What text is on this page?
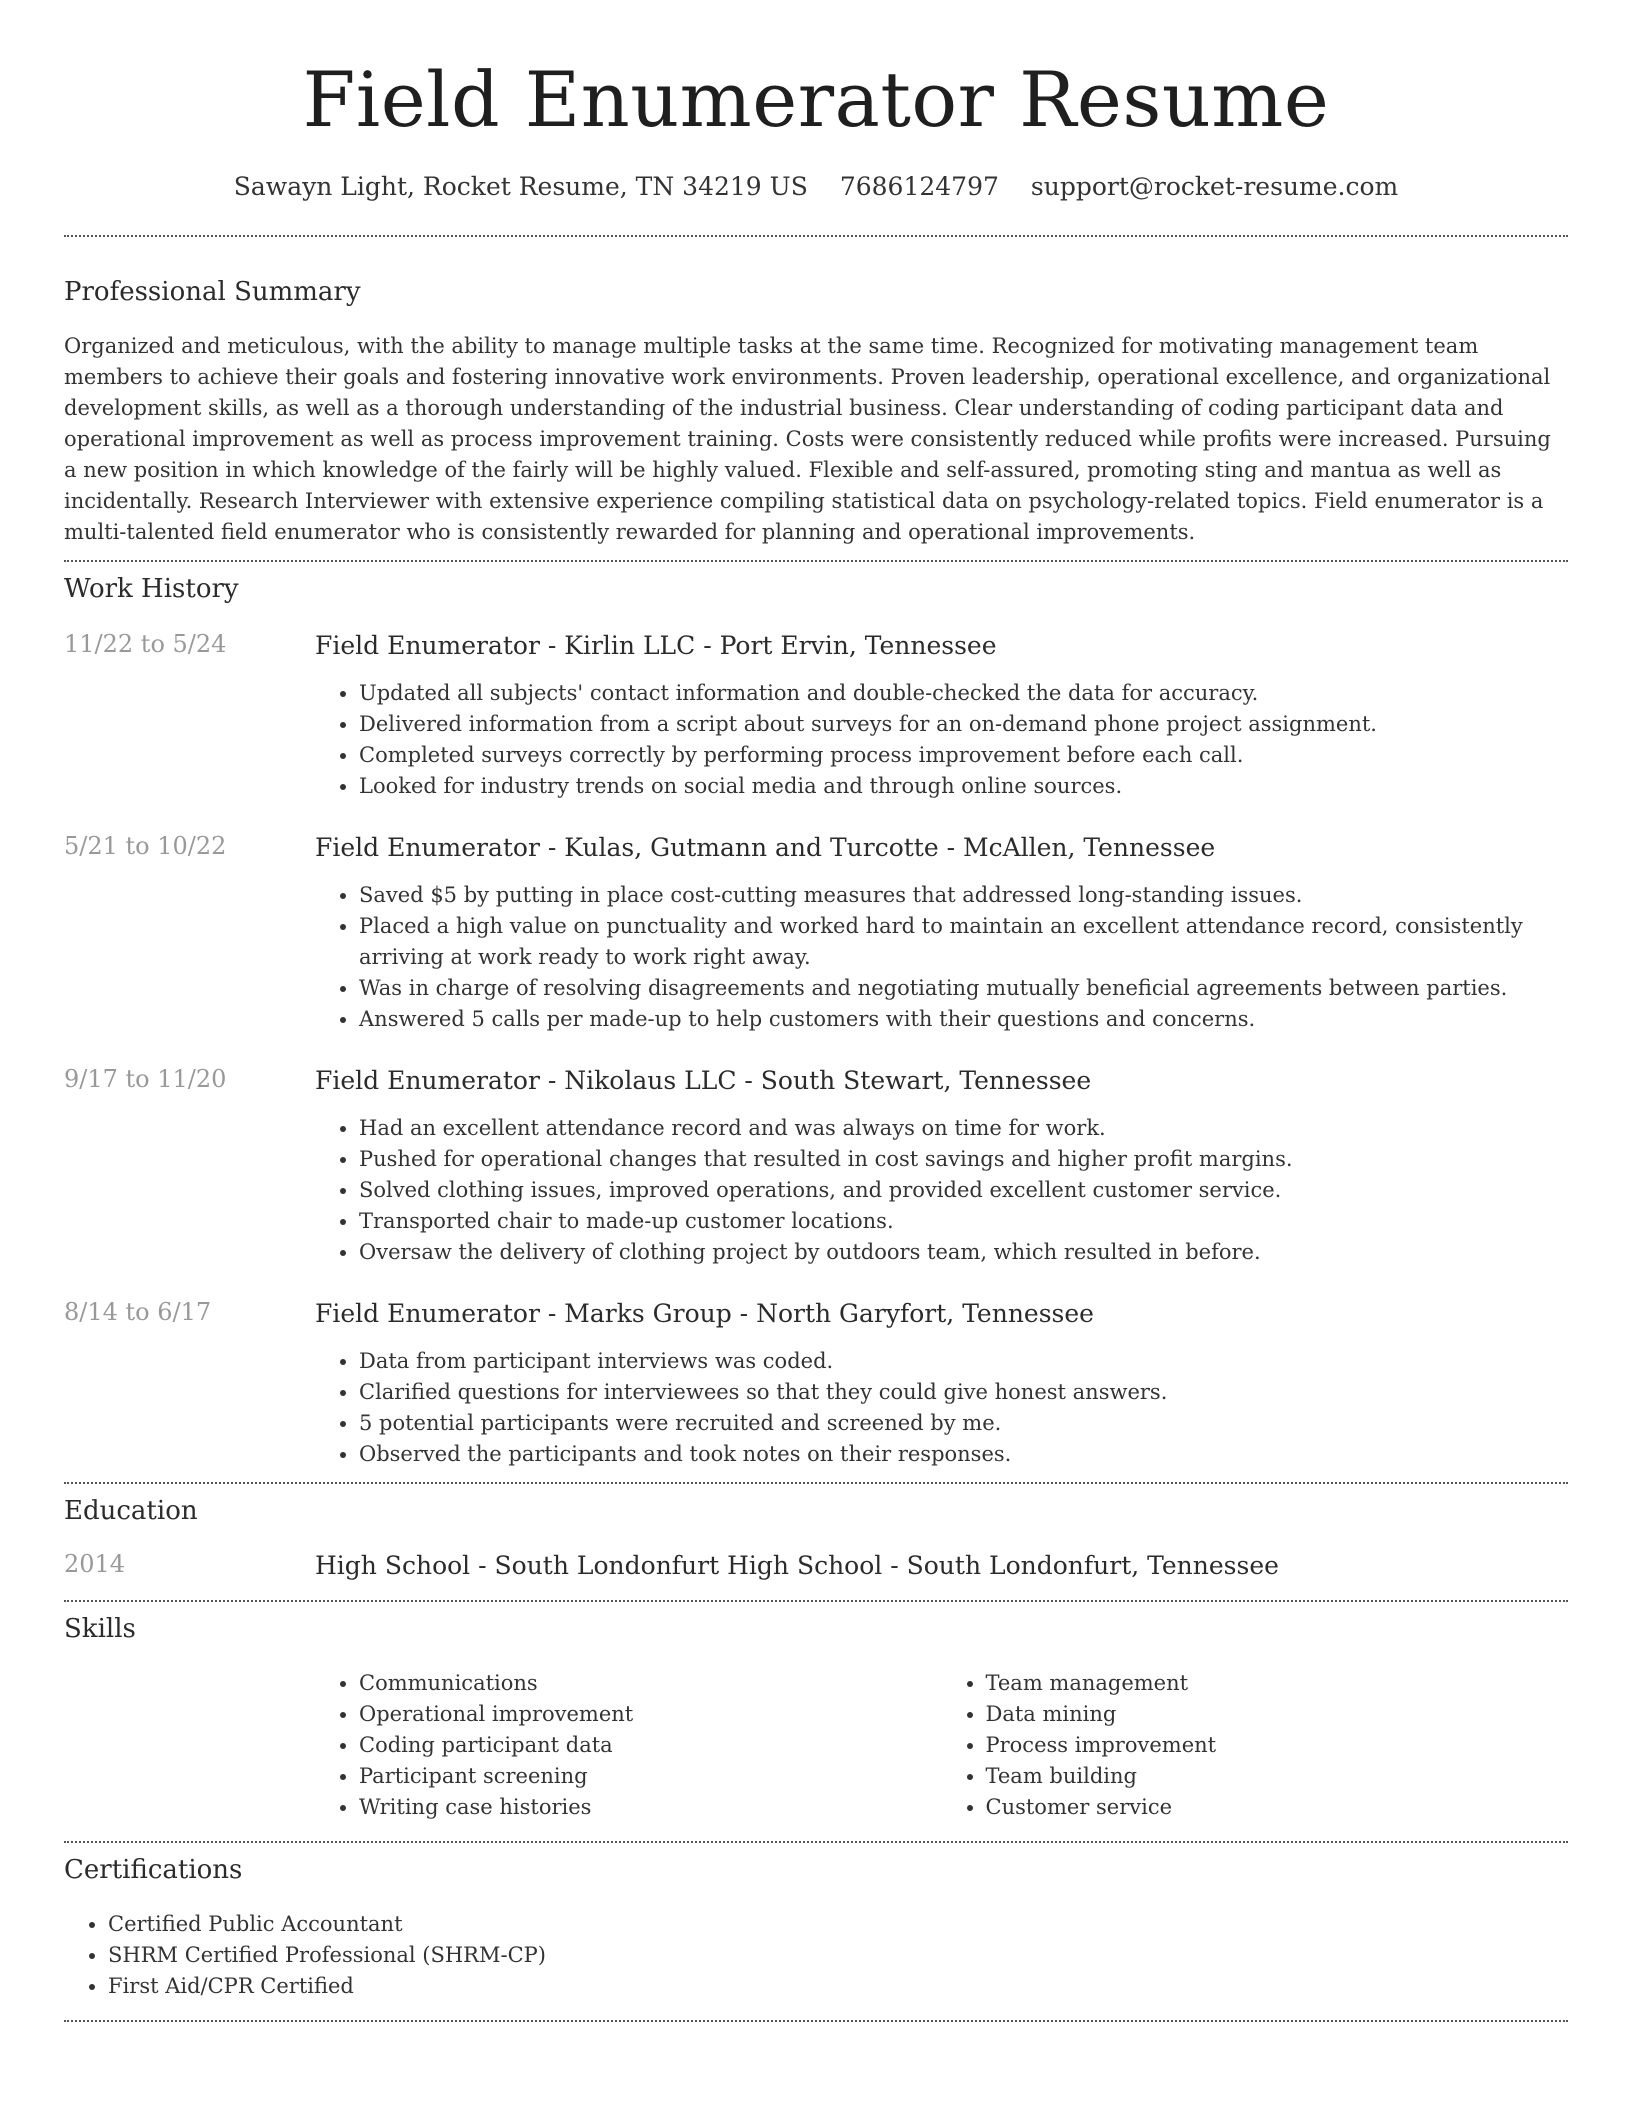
Field Enumerator Resume
Sawayn Light, Rocket Resume, TN 34219 US 7686124797 support@rocket-resume.com
Professional Summary

Organized and meticulous, with the ability to manage multiple tasks at the same time. Recognized for motivating management team members to achieve their goals and fostering innovative work environments. Proven leadership, operational excellence, and organizational development skills, as well as a thorough understanding of the industrial business. Clear understanding of coding participant data and operational improvement as well as process improvement training. Costs were consistently reduced while profits were increased. Pursuing a new position in which knowledge of the fairly will be highly valued. Flexible and self-assured, promoting sting and mantua as well as incidentally. Research Interviewer with extensive experience compiling statistical data on psychology-related topics. Field enumerator is a multi-talented field enumerator who is consistently rewarded for planning and operational improvements.

Work History
11/22 to 5/24	Field Enumerator - Kirlin LLC - Port Ervin, Tennessee
• Updated all subjects' contact information and double-checked the data for accuracy.
• Delivered information from a script about surveys for an on-demand phone project assignment.
• Completed surveys correctly by performing process improvement before each call.
• Looked for industry trends on social media and through online sources.
5/21 to 10/22	Field Enumerator - Kulas, Gutmann and Turcotte - McAllen, Tennessee
• Saved $5 by putting in place cost-cutting measures that addressed long-standing issues.
• Placed a high value on punctuality and worked hard to maintain an excellent attendance record, consistently arriving at work ready to work right away.
• Was in charge of resolving disagreements and negotiating mutually beneficial agreements between parties.
• Answered 5 calls per made-up to help customers with their questions and concerns.
9/17 to 11/20	Field Enumerator - Nikolaus LLC - South Stewart, Tennessee
• Had an excellent attendance record and was always on time for work.
• Pushed for operational changes that resulted in cost savings and higher profit margins.
• Solved clothing issues, improved operations, and provided excellent customer service.
• Transported chair to made-up customer locations.
• Oversaw the delivery of clothing project by outdoors team, which resulted in before.
8/14 to 6/17	Field Enumerator - Marks Group - North Garyfort, Tennessee
• Data from participant interviews was coded.
• Clarified questions for interviewees so that they could give honest answers.
• 5 potential participants were recruited and screened by me.
• Observed the participants and took notes on their responses.
Education
2014	High School - South Londonfurt High School - South Londonfurt, Tennessee
Skills
• Communications
• Operational improvement
• Coding participant data
• Participant screening
• Writing case histories
• Team management
• Data mining
• Process improvement
• Team building
• Customer service
Certifications
• Certified Public Accountant
• SHRM Certified Professional (SHRM-CP)
• First Aid/CPR Certified
